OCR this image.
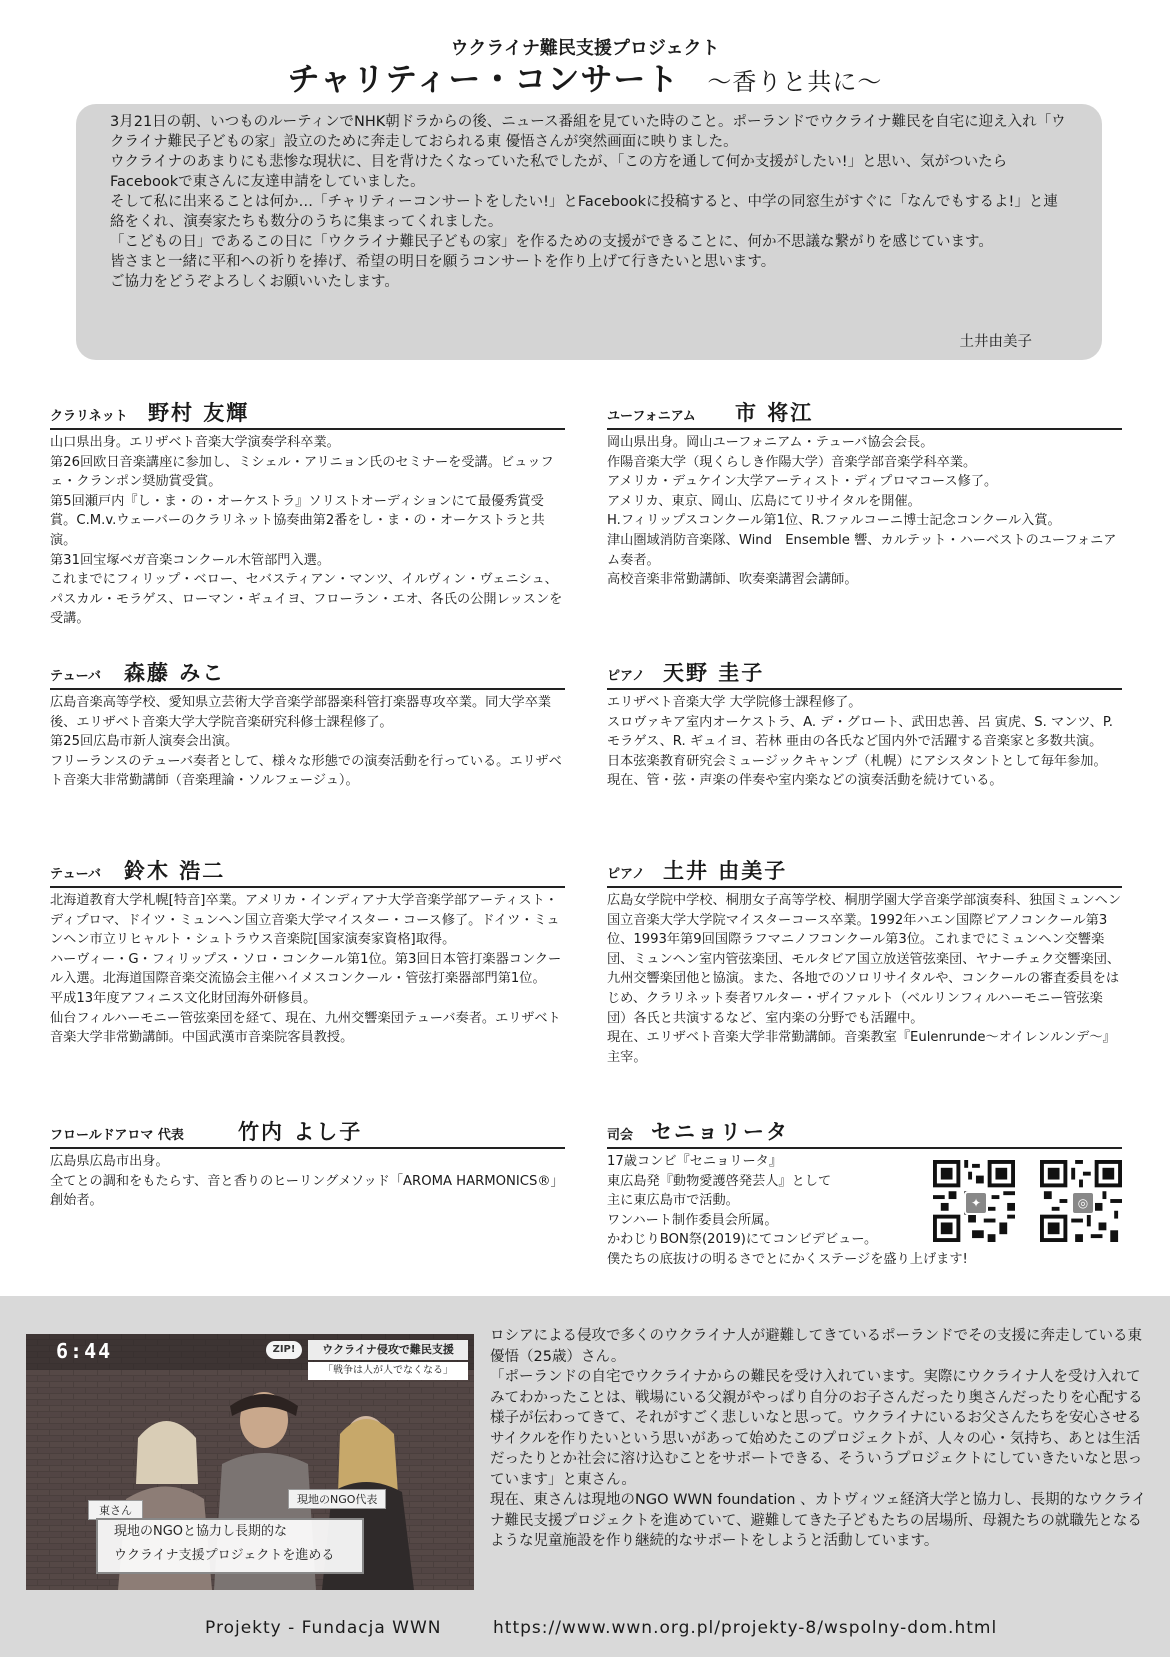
ウクライナ難民支援プロジェクト
チャリティー・コンサート ～香りと共に～

3月21日の朝、いつものルーティンでNHK朝ドラからの後、ニュース番組を見ていた時のこと。ポーランドでウクライナ難民を自宅に迎え入れ「ウクライナ難民子どもの家」設立のために奔走しておられる東 優悟さんが突然画面に映りました。

ウクライナのあまりにも悲惨な現状に、目を背けたくなっていた私でしたが、「この方を通して何か支援がしたい!」と思い、気がついたらFacebookで東さんに友達申請をしていました。

そして私に出来ることは何か…「チャリティーコンサートをしたい!」とFacebookに投稿すると、中学の同窓生がすぐに「なんでもするよ!」と連絡をくれ、演奏家たちも数分のうちに集まってくれました。

「こどもの日」であるこの日に「ウクライナ難民子どもの家」を作るための支援ができることに、何か不思議な繋がりを感じています。

皆さまと一緒に平和への祈りを捧げ、希望の明日を願うコンサートを作り上げて行きたいと思います。

ご協力をどうぞよろしくお願いいたします。

土井由美子
クラリネット 野村 友輝

山口県出身。エリザベト音楽大学演奏学科卒業。

第26回欧日音楽講座に参加し、ミシェル・アリニョン氏のセミナーを受講。ビュッフェ・クランポン奨励賞受賞。

第5回瀬戸内『し・ま・の・オーケストラ』ソリストオーディションにて最優秀賞受賞。C.M.v.ウェーバーのクラリネット協奏曲第2番をし・ま・の・オーケストラと共演。

第31回宝塚ベガ音楽コンクール木管部門入選。

これまでにフィリップ・ベロー、セバスティアン・マンツ、イルヴィン・ヴェニシュ、パスカル・モラゲス、ローマン・ギュイヨ、フローラン・エオ、各氏の公開レッスンを受講。

テューバ 森藤 みこ

広島音楽高等学校、愛知県立芸術大学音楽学部器楽科管打楽器専攻卒業。同大学卒業後、エリザベト音楽大学大学院音楽研究科修士課程修了。

第25回広島市新人演奏会出演。

フリーランスのテューバ奏者として、様々な形態での演奏活動を行っている。エリザベト音楽大非常勤講師（音楽理論・ソルフェージュ）。

テューバ 鈴木 浩二

北海道教育大学札幌[特音]卒業。アメリカ・インディアナ大学音楽学部アーティスト・ディプロマ、ドイツ・ミュンヘン国立音楽大学マイスター・コース修了。ドイツ・ミュンヘン市立リヒャルト・シュトラウス音楽院[国家演奏家資格]取得。

ハーヴィー・G・フィリップス・ソロ・コンクール第1位。第3回日本管打楽器コンクール入選。北海道国際音楽交流協会主催ハイメスコンクール・管弦打楽器部門第1位。

平成13年度アフィニス文化財団海外研修員。

仙台フィルハーモニー管弦楽団を経て、現在、九州交響楽団テューバ奏者。エリザベト音楽大学非常勤講師。中国武漢市音楽院客員教授。

フロールドアロマ 代表	竹内 よし子

広島県広島市出身。

全てとの調和をもたらす、音と香りのヒーリングメソッド「AROMA HARMONICS®」創始者。

ユーフォニアム 市 将江

岡山県出身。岡山ユーフォニアム・テューバ協会会長。

作陽音楽大学（現くらしき作陽大学）音楽学部音楽学科卒業。

アメリカ・デュケイン大学アーティスト・ディプロマコース修了。

アメリカ、東京、岡山、広島にてリサイタルを開催。

H.フィリップスコンクール第1位、R.ファルコーニ博士記念コンクール入賞。

津山圏域消防音楽隊、Wind　Ensemble 響、カルテット・ハーベストのユーフォニアム奏者。

高校音楽非常勤講師、吹奏楽講習会講師。

ピアノ 天野 圭子

エリザベト音楽大学 大学院修士課程修了。

スロヴァキア室内オーケストラ、A. デ・グロート、武田忠善、呂 寅虎、S. マンツ、P. モラゲス、R. ギュイヨ、若林 亜由の各氏など国内外で活躍する音楽家と多数共演。

日本弦楽教育研究会ミュージックキャンプ（札幌）にアシスタントとして毎年参加。

現在、管・弦・声楽の伴奏や室内楽などの演奏活動を続けている。

ピアノ 土井 由美子

広島女学院中学校、桐朋女子高等学校、桐朋学園大学音楽学部演奏科、独国ミュンヘン国立音楽大学大学院マイスターコース卒業。1992年ハエン国際ピアノコンクール第3位、1993年第9回国際ラフマニノフコンクール第3位。これまでにミュンヘン交響楽団、ミュンヘン室内管弦楽団、モルタビア国立放送管弦楽団、ヤナーチェク交響楽団、九州交響楽団他と協演。また、各地でのソロリサイタルや、コンクールの審査委員をはじめ、クラリネット奏者ワルター・ザイファルト（ベルリンフィルハーモニー管弦楽団）各氏と共演するなど、室内楽の分野でも活躍中。

現在、エリザベト音楽大学非常勤講師。音楽教室『Eulenrunde～オイレンルンデ～』主宰。

司会 セニョリータ

17歳コンビ『セニョリータ』

東広島発『動物愛護啓発芸人』として

主に東広島市で活動。

ワンハート制作委員会所属。

かわじりBON祭(2019)にてコンビデビュー。

僕たちの底抜けの明るさでとにかくステージを盛り上げます!

✦	◎
6:44	ZIP!	ウクライナ侵攻で難民支援
「戦争は人が人でなくなる」
東さん
現地のNGO代表
現地のNGOと協力し長期的な
ウクライナ支援プロジェクトを進める

ロシアによる侵攻で多くのウクライナ人が避難してきているポーランドでその支援に奔走している東 優悟（25歳）さん。

「ポーランドの自宅でウクライナからの難民を受け入れています。実際にウクライナ人を受け入れてみてわかったことは、戦場にいる父親がやっぱり自分のお子さんだったり奥さんだったりを心配する様子が伝わってきて、それがすごく悲しいなと思って。ウクライナにいるお父さんたちを安心させるサイクルを作りたいという思いがあって始めたこのプロジェクトが、人々の心・気持ち、あとは生活だったりとか社会に溶け込むことをサポートできる、そういうプロジェクトにしていきたいなと思っています」と東さん。

現在、東さんは現地のNGO WWN foundation 、カトヴィツェ経済大学と協力し、長期的なウクライナ難民支援プロジェクトを進めていて、避難してきた子どもたちの居場所、母親たちの就職先となるような児童施設を作り継続的なサポートをしようと活動しています。

Projekty - Fundacja WWN	https://www.wwn.org.pl/projekty-8/wspolny-dom.html
